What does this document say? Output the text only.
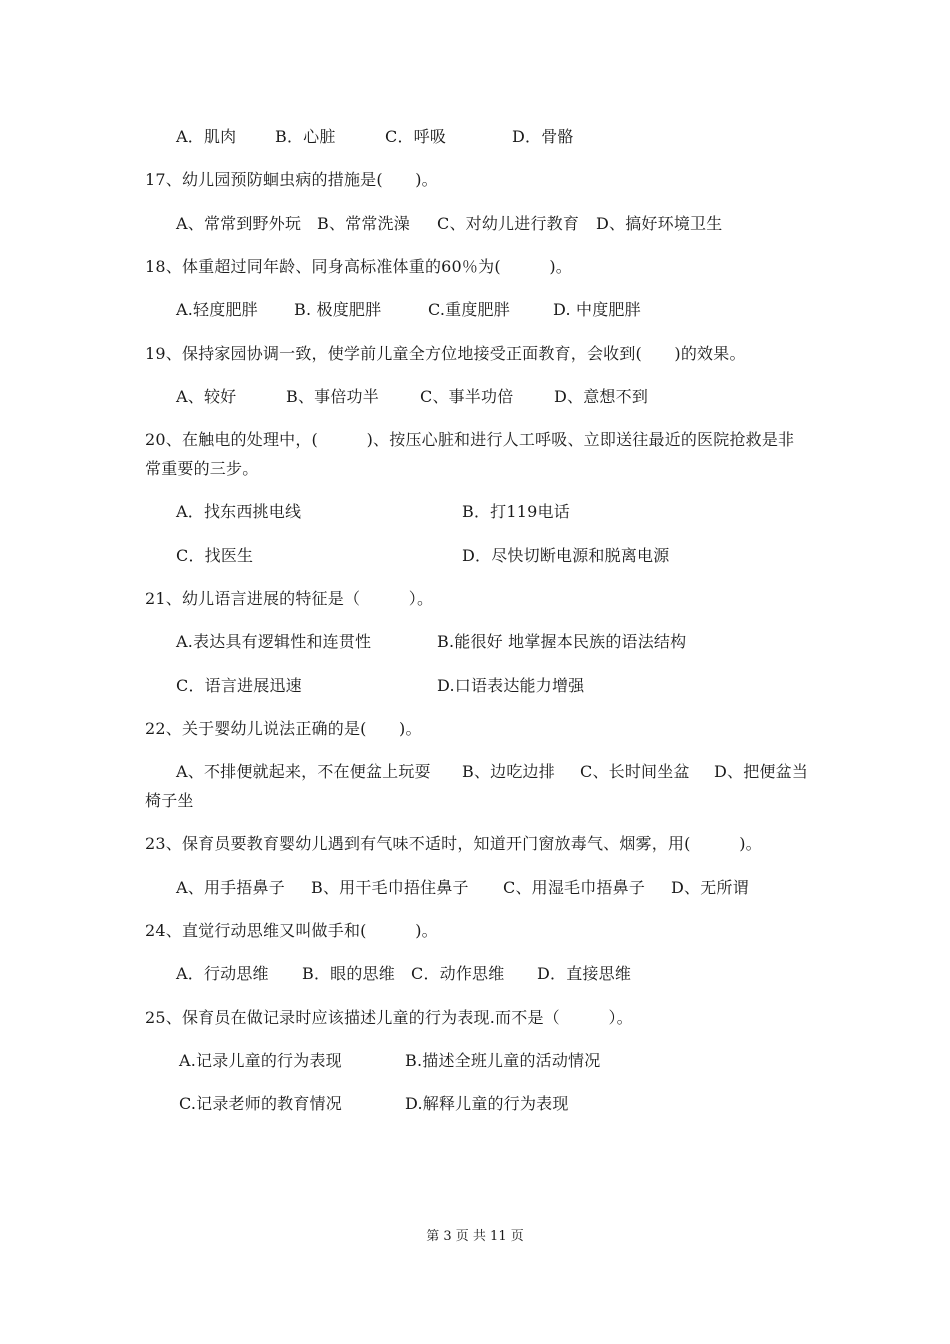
A．肌肉 B．心脏	C．呼吸	D．骨骼
17、幼儿园预防蛔虫病的措施是(　　)。
A、常常到野外玩 B、常常洗澡 C、对幼儿进行教育 D、搞好环境卫生
18、体重超过同年龄、同身高标准体重的60％为(　　　)。
A.轻度肥胖 B. 极度肥胖	C.重度肥胖	D. 中度肥胖
19、保持家园协调一致，使学前儿童全方位地接受正面教育，会收到(　　)的效果。
A、较好	B、事倍功半	C、事半功倍	D、意想不到
20、在触电的处理中，(　　　)、按压心脏和进行人工呼吸、立即送往最近的医院抢救是非
常重要的三步。
A．找东西挑电线	B．打119电话
C．找医生	D．尽快切断电源和脱离电源
21、幼儿语言进展的特征是（　　　）。
A.表达具有逻辑性和连贯性	B.能很好 地掌握本民族的语法结构
C．语言进展迅速	D.口语表达能力增强
22、关于婴幼儿说法正确的是(　　)。
A、不排便就起来，不在便盆上玩耍 B、边吃边排 C、长时间坐盆 D、把便盆当
椅子坐
23、保育员要教育婴幼儿遇到有气味不适时，知道开门窗放毒气、烟雾，用(　　　)。
A、用手捂鼻子 B、用干毛巾捂住鼻子 C、用湿毛巾捂鼻子 D、无所谓
24、直觉行动思维又叫做手和(　　　)。
A．行动思维 B．眼的思维 C．动作思维 D．直接思维
25、保育员在做记录时应该描述儿童的行为表现.而不是（　　　）。
A.记录儿童的行为表现	B.描述全班儿童的活动情况
C.记录老师的教育情况	D.解释儿童的行为表现
第 3 页 共 11 页
